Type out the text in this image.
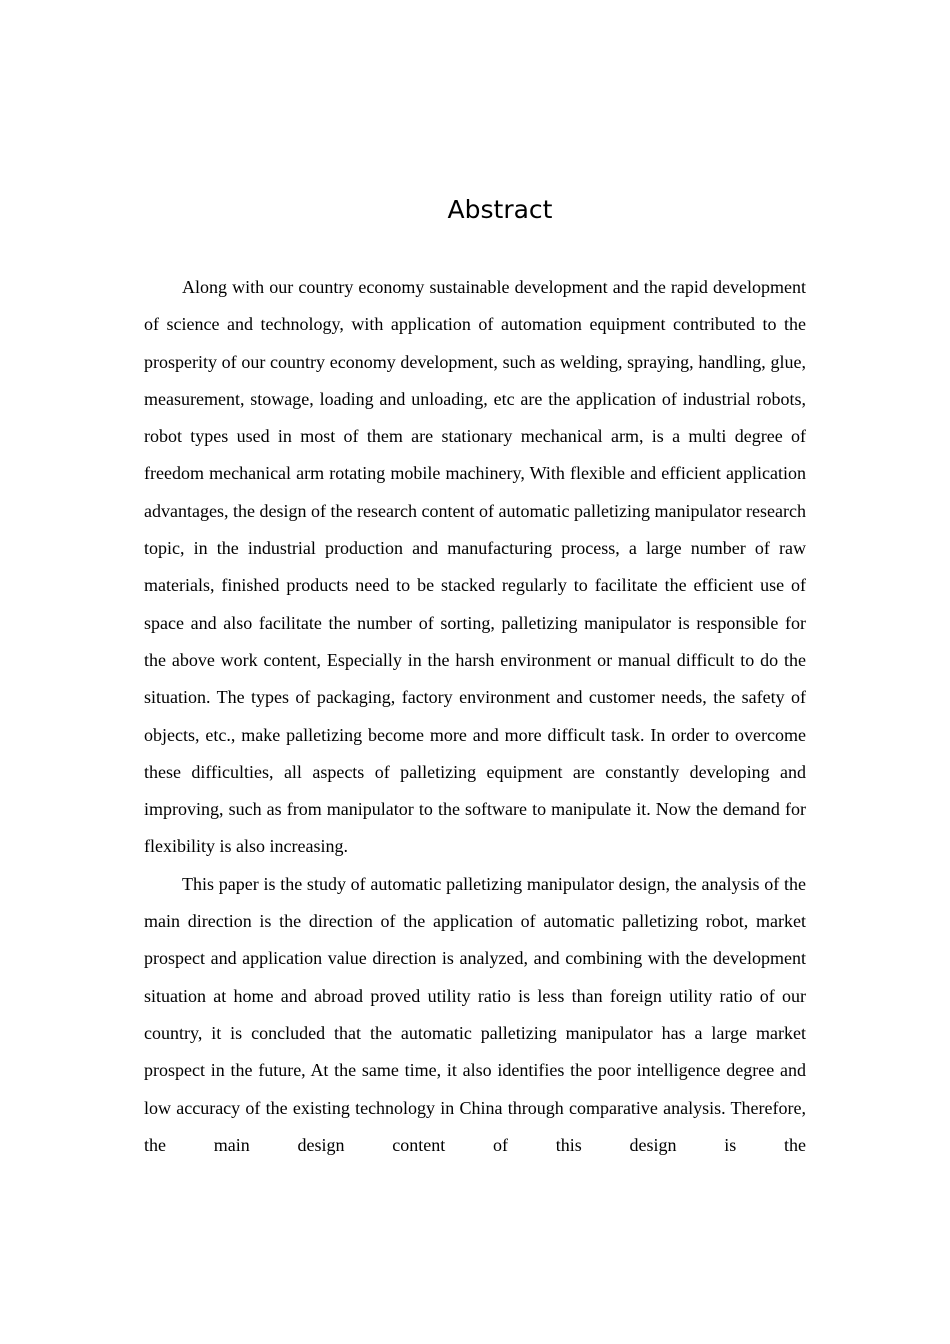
Abstract

Along with our country economy sustainable development and the rapid development of science and technology, with application of automation equipment contributed to the prosperity of our country economy development, such as welding, spraying, handling, glue, measurement, stowage, loading and unloading, etc are the application of industrial robots, robot types used in most of them are stationary mechanical arm, is a multi degree of freedom mechanical arm rotating mobile machinery, With flexible and efficient application advantages, the design of the research content of automatic palletizing manipulator research topic, in the industrial production and manufacturing process, a large number of raw materials, finished products need to be stacked regularly to facilitate the efficient use of space and also facilitate the number of sorting, palletizing manipulator is responsible for the above work content, Especially in the harsh environment or manual difficult to do the situation. The types of packaging, factory environment and customer needs, the safety of objects, etc., make palletizing become more and more difficult task. In order to overcome these difficulties, all aspects of palletizing equipment are constantly developing and improving, such as from manipulator to the software to manipulate it. Now the demand for flexibility is also increasing.

This paper is the study of automatic palletizing manipulator design, the analysis of the main direction is the direction of the application of automatic palletizing robot, market prospect and application value direction is analyzed, and combining with the development situation at home and abroad proved utility ratio is less than foreign utility ratio of our country, it is concluded that the automatic palletizing manipulator has a large market prospect in the future, At the same time, it also identifies the poor intelligence degree and low accuracy of the existing technology in China through comparative analysis. Therefore, the main design content of this design is the
